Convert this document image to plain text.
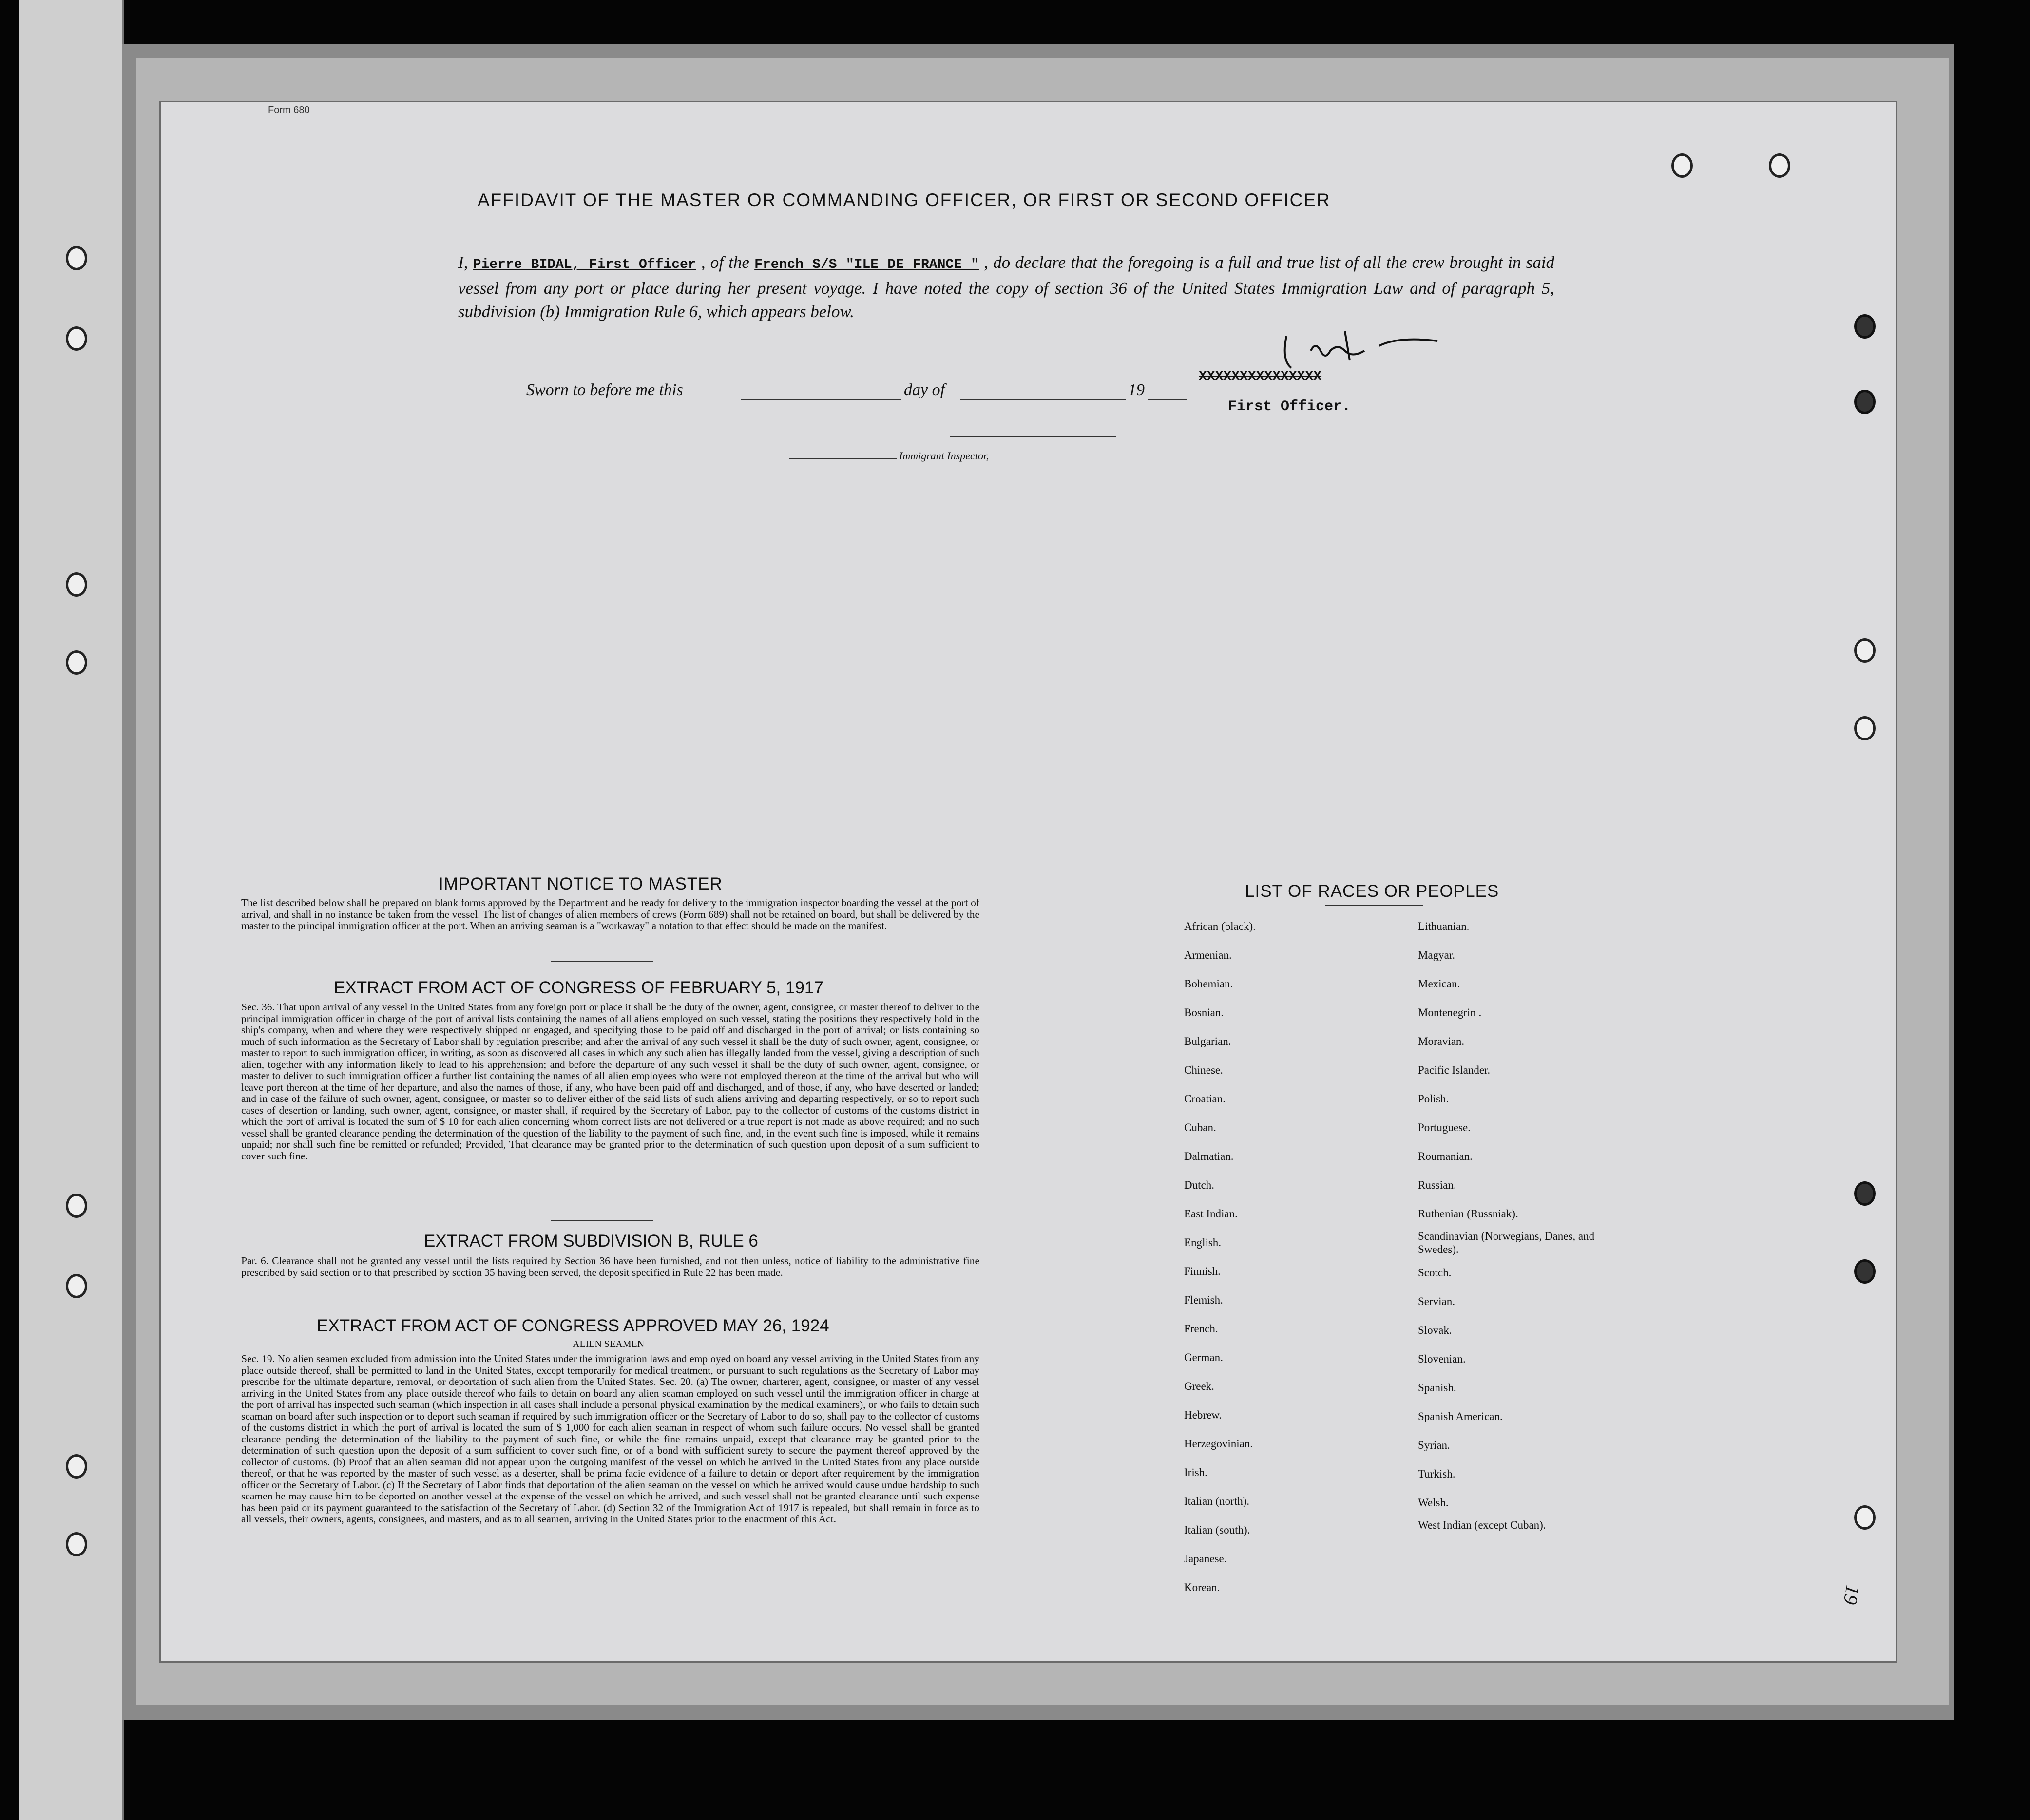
Form 680
AFFIDAVIT OF THE MASTER OR COMMANDING OFFICER, OR FIRST OR SECOND OFFICER
I, Pierre BIDAL, First Officer , of the French S/S "ILE DE FRANCE " , do declare that the foregoing is a full and true list of all the crew brought in said vessel from any port or place during her present voyage. I have noted the copy of section 36 of the United States Immigration Law and of paragraph 5, subdivision (b) Immigration Rule 6, which appears below.
XXXXXXXXXXXXXXX
First Officer.
Sworn to before me this	day of	19
Immigrant Inspector,
IMPORTANT NOTICE TO MASTER
The list described below shall be prepared on blank forms approved by the Department and be ready for delivery to the immigration inspector boarding the vessel at the port of arrival, and shall in no instance be taken from the vessel. The list of changes of alien members of crews (Form 689) shall not be retained on board, but shall be delivered by the master to the principal immigration officer at the port. When an arriving seaman is a "workaway" a notation to that effect should be made on the manifest.
EXTRACT FROM ACT OF CONGRESS OF FEBRUARY 5, 1917
Sec. 36. That upon arrival of any vessel in the United States from any foreign port or place it shall be the duty of the owner, agent, consignee, or master thereof to deliver to the principal immigration officer in charge of the port of arrival lists containing the names of all aliens employed on such vessel, stating the positions they respectively hold in the ship's company, when and where they were respectively shipped or engaged, and specifying those to be paid off and discharged in the port of arrival; or lists containing so much of such information as the Secretary of Labor shall by regulation prescribe; and after the arrival of any such vessel it shall be the duty of such owner, agent, consignee, or master to report to such immigration officer, in writing, as soon as discovered all cases in which any such alien has illegally landed from the vessel, giving a description of such alien, together with any information likely to lead to his apprehension; and before the departure of any such vessel it shall be the duty of such owner, agent, consignee, or master to deliver to such immigration officer a further list containing the names of all alien employees who were not employed thereon at the time of the arrival but who will leave port thereon at the time of her departure, and also the names of those, if any, who have been paid off and discharged, and of those, if any, who have deserted or landed; and in case of the failure of such owner, agent, consignee, or master so to deliver either of the said lists of such aliens arriving and departing respectively, or so to report such cases of desertion or landing, such owner, agent, consignee, or master shall, if required by the Secretary of Labor, pay to the collector of customs of the customs district in which the port of arrival is located the sum of $ 10 for each alien concerning whom correct lists are not delivered or a true report is not made as above required; and no such vessel shall be granted clearance pending the determination of the question of the liability to the payment of such fine, and, in the event such fine is imposed, while it remains unpaid; nor shall such fine be remitted or refunded; Provided, That clearance may be granted prior to the determination of such question upon deposit of a sum sufficient to cover such fine.
EXTRACT FROM SUBDIVISION B, RULE 6
Par. 6. Clearance shall not be granted any vessel until the lists required by Section 36 have been furnished, and not then unless, notice of liability to the administrative fine prescribed by said section or to that prescribed by section 35 having been served, the deposit specified in Rule 22 has been made.
EXTRACT FROM ACT OF CONGRESS APPROVED MAY 26, 1924
ALIEN SEAMEN
Sec. 19. No alien seamen excluded from admission into the United States under the immigration laws and employed on board any vessel arriving in the United States from any place outside thereof, shall be permitted to land in the United States, except temporarily for medical treatment, or pursuant to such regulations as the Secretary of Labor may prescribe for the ultimate departure, removal, or deportation of such alien from the United States. Sec. 20. (a) The owner, charterer, agent, consignee, or master of any vessel arriving in the United States from any place outside thereof who fails to detain on board any alien seaman employed on such vessel until the immigration officer in charge at the port of arrival has inspected such seaman (which inspection in all cases shall include a personal physical examination by the medical examiners), or who fails to detain such seaman on board after such inspection or to deport such seaman if required by such immigration officer or the Secretary of Labor to do so, shall pay to the collector of customs of the customs district in which the port of arrival is located the sum of $ 1,000 for each alien seaman in respect of whom such failure occurs. No vessel shall be granted clearance pending the determination of the liability to the payment of such fine, or while the fine remains unpaid, except that clearance may be granted prior to the determination of such question upon the deposit of a sum sufficient to cover such fine, or of a bond with sufficient surety to secure the payment thereof approved by the collector of customs. (b) Proof that an alien seaman did not appear upon the outgoing manifest of the vessel on which he arrived in the United States from any place outside thereof, or that he was reported by the master of such vessel as a deserter, shall be prima facie evidence of a failure to detain or deport after requirement by the immigration officer or the Secretary of Labor. (c) If the Secretary of Labor finds that deportation of the alien seaman on the vessel on which he arrived would cause undue hardship to such seamen he may cause him to be deported on another vessel at the expense of the vessel on which he arrived, and such vessel shall not be granted clearance until such expense has been paid or its payment guaranteed to the satisfaction of the Secretary of Labor. (d) Section 32 of the Immigration Act of 1917 is repealed, but shall remain in force as to all vessels, their owners, agents, consignees, and masters, and as to all seamen, arriving in the United States prior to the enactment of this Act.
LIST OF RACES OR PEOPLES
African (black).
Armenian.
Bohemian.
Bosnian.
Bulgarian.
Chinese.
Croatian.
Cuban.
Dalmatian.
Dutch.
East Indian.
English.
Finnish.
Flemish.
French.
German.
Greek.
Hebrew.
Herzegovinian.
Irish.
Italian (north).
Italian (south).
Japanese.
Korean.
Lithuanian.
Magyar.
Mexican.
Montenegrin .
Moravian.
Pacific Islander.
Polish.
Portuguese.
Roumanian.
Russian.
Ruthenian (Russniak).
Scandinavian (Norwegians, Danes, and Swedes).
Scotch.
Servian.
Slovak.
Slovenian.
Spanish.
Spanish American.
Syrian.
Turkish.
Welsh.
West Indian (except Cuban).
19
